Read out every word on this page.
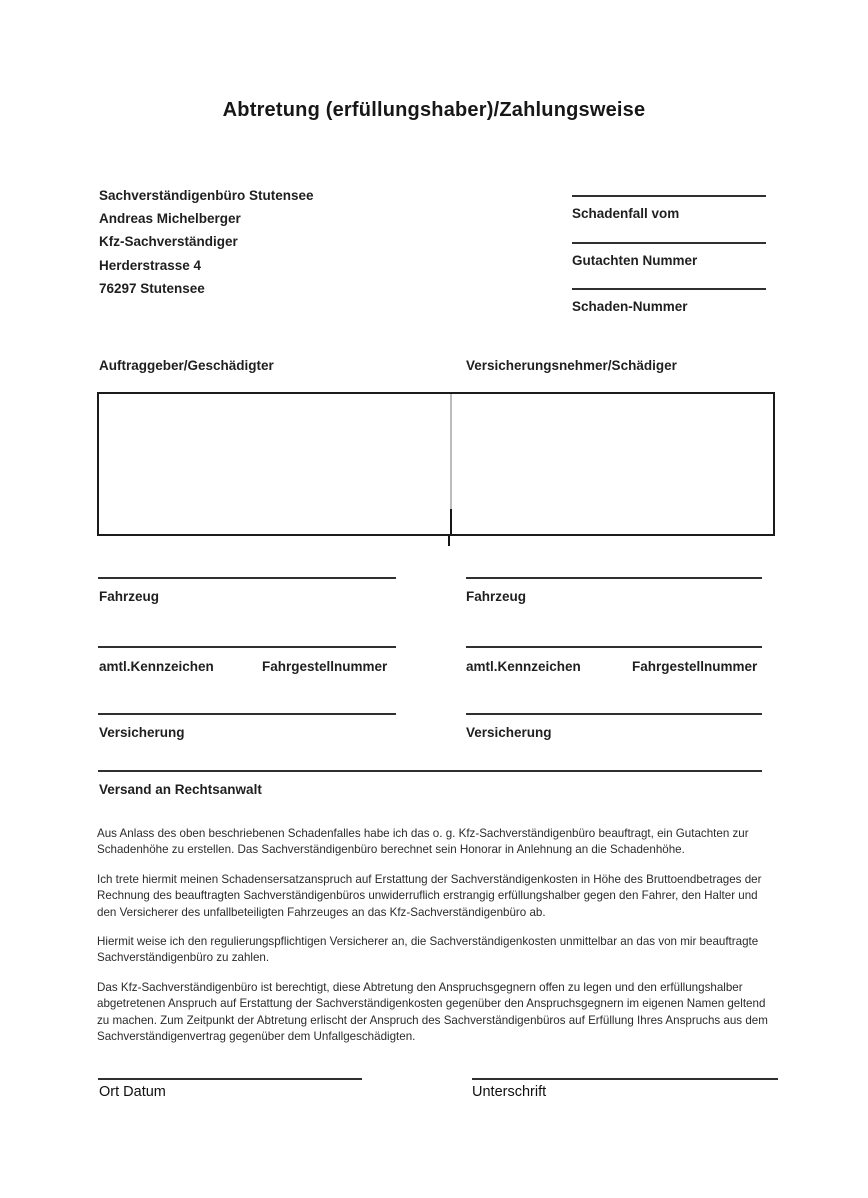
Abtretung (erfüllungshaber)/Zahlungsweise
Sachverständigenbüro Stutensee
Andreas Michelberger
Kfz-Sachverständiger
Herderstrasse 4
76297 Stutensee
Schadenfall vom
Gutachten Nummer
Schaden-Nummer
Auftraggeber/Geschädigter	Versicherungsnehmer/Schädiger
Fahrzeug	Fahrzeug
amtl.Kennzeichen	Fahrgestellnummer	amtl.Kennzeichen	Fahrgestellnummer
Versicherung	Versicherung
Versand an Rechtsanwalt

Aus Anlass des oben beschriebenen Schadenfalles habe ich das o. g. Kfz-Sachverständigenbüro beauftragt, ein Gutachten zur Schadenhöhe zu erstellen. Das Sachverständigenbüro berechnet sein Honorar in Anlehnung an die Schadenhöhe.

Ich trete hiermit meinen Schadensersatzanspruch auf Erstattung der Sachverständigenkosten in Höhe des Bruttoendbetrages der Rechnung des beauftragten Sachverständigenbüros unwiderruflich erstrangig erfüllungshalber gegen den Fahrer, den Halter und den Versicherer des unfallbeteiligten Fahrzeuges an das Kfz-Sachverständigenbüro ab.

Hiermit weise ich den regulierungspflichtigen Versicherer an, die Sachverständigenkosten unmittelbar an das von mir beauftragte Sachverständigenbüro zu zahlen.

Das Kfz-Sachverständigenbüro ist berechtigt, diese Abtretung den Anspruchsgegnern offen zu legen und den erfüllungshalber abgetretenen Anspruch auf Erstattung der Sachverständigenkosten gegenüber den Anspruchsgegnern im eigenen Namen geltend zu machen. Zum Zeitpunkt der Abtretung erlischt der Anspruch des Sachverständigenbüros auf Erfüllung Ihres Anspruchs aus dem Sachverständigenvertrag gegenüber dem Unfallgeschädigten.

Ort Datum	Unterschrift
